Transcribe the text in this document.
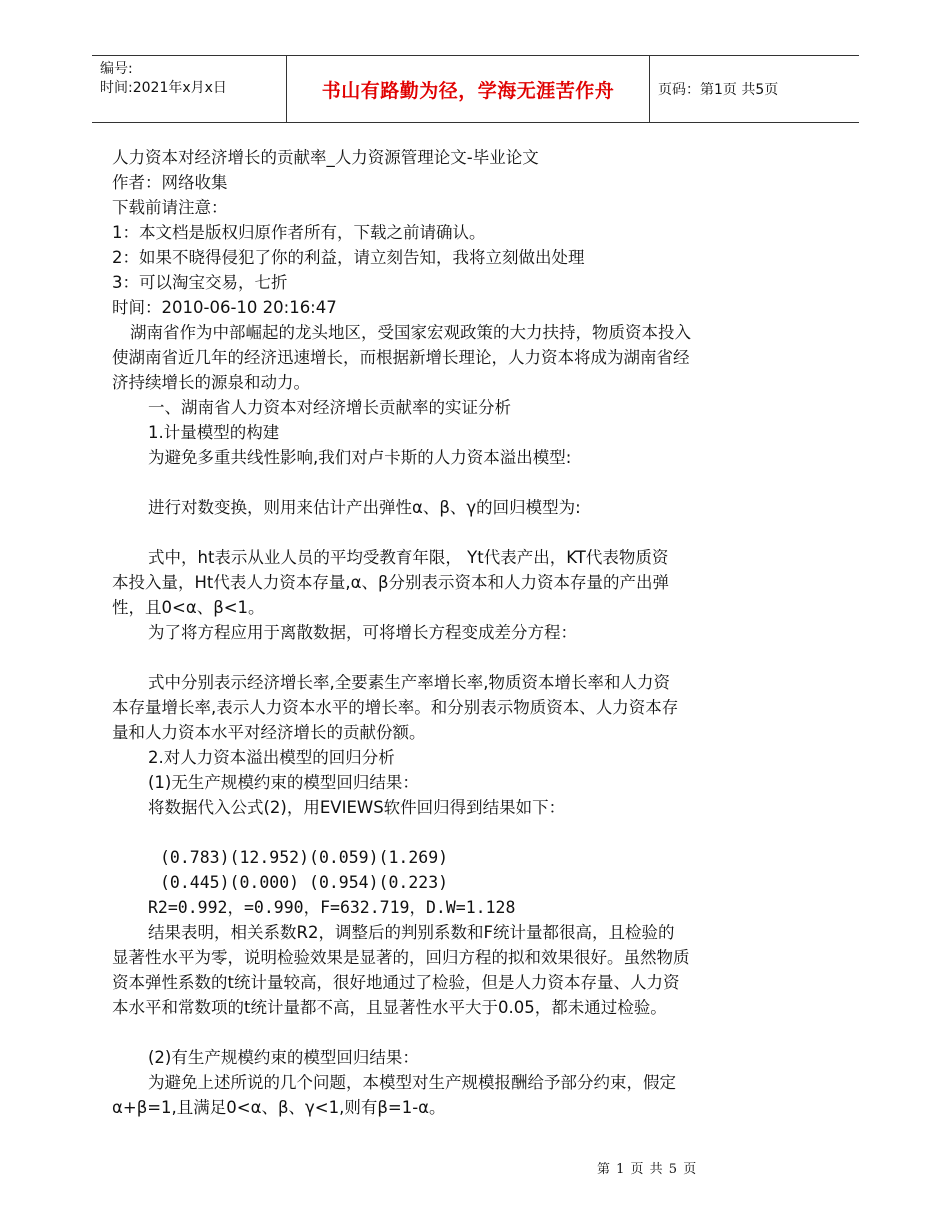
编号:
时间:2021年x月x日	书山有路勤为径，学海无涯苦作舟	页码：第1页 共5页
人力资本对经济增长的贡献率_人力资源管理论文-毕业论文
作者：网络收集
下载前请注意：
1：本文档是版权归原作者所有，下载之前请确认。
2：如果不晓得侵犯了你的利益，请立刻告知，我将立刻做出处理
3：可以淘宝交易，七折
时间：2010-06-10 20:16:47
湖南省作为中部崛起的龙头地区，受国家宏观政策的大力扶持，物质资本投入
使湖南省近几年的经济迅速增长，而根据新增长理论，人力资本将成为湖南省经
济持续增长的源泉和动力。
一、湖南省人力资本对经济增长贡献率的实证分析
1.计量模型的构建
为避免多重共线性影响,我们对卢卡斯的人力资本溢出模型:
进行对数变换，则用来估计产出弹性α、β、γ的回归模型为:
式中，ht表示从业人员的平均受教育年限， Yt代表产出，KT代表物质资
本投入量，Ht代表人力资本存量,α、β分别表示资本和人力资本存量的产出弹
性，且0<α、β<1。
为了将方程应用于离散数据，可将增长方程变成差分方程：
式中分别表示经济增长率,全要素生产率增长率,物质资本增长率和人力资
本存量增长率,表示人力资本水平的增长率。和分别表示物质资本、人力资本存
量和人力资本水平对经济增长的贡献份额。
2.对人力资本溢出模型的回归分析
(1)无生产规模约束的模型回归结果：
将数据代入公式(2)，用EVIEWS软件回归得到结果如下：
(0.783)(12.952)(0.059)(1.269)
(0.445)(0.000) (0.954)(0.223)
R2=0.992，=0.990，F=632.719，D.W=1.128
结果表明，相关系数R2，调整后的判别系数和F统计量都很高，且检验的
显著性水平为零，说明检验效果是显著的，回归方程的拟和效果很好。虽然物质
资本弹性系数的t统计量较高，很好地通过了检验，但是人力资本存量、人力资
本水平和常数项的t统计量都不高，且显著性水平大于0.05，都未通过检验。
(2)有生产规模约束的模型回归结果：
为避免上述所说的几个问题，本模型对生产规模报酬给予部分约束，假定
α+β=1,且满足0<α、β、γ<1,则有β=1-α。
第 1 页 共 5 页
